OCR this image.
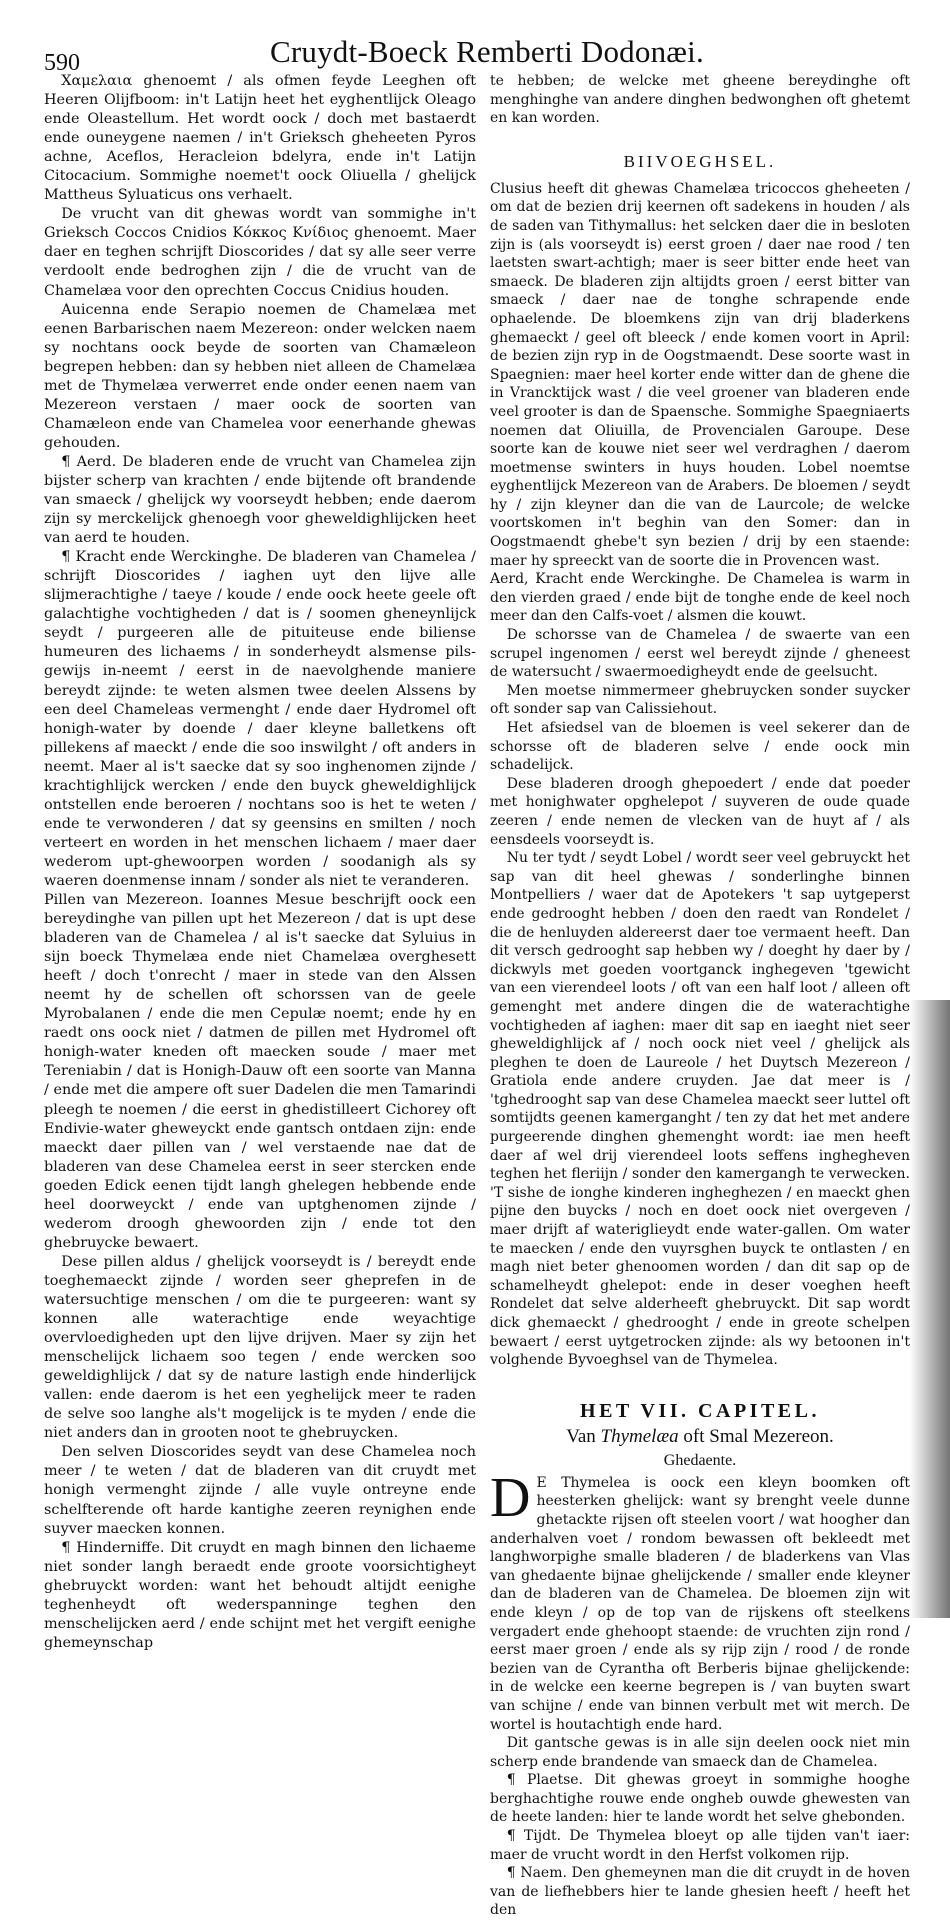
590	Cruydt-Boeck Remberti Dodonæi.

Χαμελαια ghenoemt / als ofmen feyde Leeghen oft Heeren Olijfboom: in't Latijn heet het eyghentlijck Oleago ende Oleastellum. Het wordt oock / doch met bastaerdt ende ouneygene naemen / in't Grieksch gheheeten Pyros achne, Aceflos, Heracleion bdelyra, ende in't Latijn Citocacium. Sommighe noemet't oock Oliuella / ghelijck Mattheus Syluaticus ons verhaelt.

De vrucht van dit ghewas wordt van sommighe in't Grieksch Coccos Cnidios Κόκκος Κνίδιος ghenoemt. Maer daer en teghen schrijft Dioscorides / dat sy alle seer verre verdoolt ende bedroghen zijn / die de vrucht van de Chamelæa voor den oprechten Coccus Cnidius houden.

Auicenna ende Serapio noemen de Chamelæa met eenen Barbarischen naem Mezereon: onder welcken naem sy nochtans oock beyde de soorten van Chamæleon begrepen hebben: dan sy hebben niet alleen de Chamelæa met de Thymelæa verwerret ende onder eenen naem van Mezereon verstaen / maer oock de soorten van Chamæleon ende van Chamelea voor eenerhande ghewas gehouden.

¶ Aerd. De bladeren ende de vrucht van Chamelea zijn bijster scherp van krachten / ende bijtende oft brandende van smaeck / ghelijck wy voorseydt hebben; ende daerom zijn sy merckelijck ghenoegh voor gheweldighlijcken heet van aerd te houden.

¶ Kracht ende Werckinghe. De bladeren van Chamelea / schrijft Dioscorides / iaghen uyt den lijve alle slijmerachtighe / taeye / koude / ende oock heete geele oft galachtighe vochtigheden / dat is / soomen gheneynlijck seydt / purgeeren alle de pituiteuse ende biliense humeuren des lichaems / in sonderheydt alsmense pils-gewijs in-neemt / eerst in de naevolghende maniere bereydt zijnde: te weten alsmen twee deelen Alssens by een deel Chameleas vermenght / ende daer Hydromel oft honigh-water by doende / daer kleyne balletkens oft pillekens af maeckt / ende die soo inswilght / oft anders in neemt. Maer al is't saecke dat sy soo inghenomen zijnde / krachtighlijck wercken / ende den buyck gheweldighlijck ontstellen ende beroeren / nochtans soo is het te weten / ende te verwonderen / dat sy geensins en smilten / noch verteert en worden in het menschen lichaem / maer daer wederom upt-ghewoorpen worden / soodanigh als sy waeren doenmense innam / sonder als niet te veranderen.

Pillen van Mezereon. Ioannes Mesue beschrijft oock een bereydinghe van pillen upt het Mezereon / dat is upt dese bladeren van de Chamelea / al is't saecke dat Syluius in sijn boeck Thymelæa ende niet Chamelæa overghesett heeft / doch t'onrecht / maer in stede van den Alssen neemt hy de schellen oft schorssen van de geele Myrobalanen / ende die men Cepulæ noemt; ende hy en raedt ons oock niet / datmen de pillen met Hydromel oft honigh-water kneden oft maecken soude / maer met Tereniabin / dat is Honigh-Dauw oft een soorte van Manna / ende met die ampere oft suer Dadelen die men Tamarindi pleegh te noemen / die eerst in ghedistilleert Cichorey oft Endivie-water gheweyckt ende gantsch ontdaen zijn: ende maeckt daer pillen van / wel verstaende nae dat de bladeren van dese Chamelea eerst in seer stercken ende goeden Edick eenen tijdt langh ghelegen hebbende ende heel doorweyckt / ende van uptghenomen zijnde / wederom droogh ghewoorden zijn / ende tot den ghebruycke bewaert.

Dese pillen aldus / ghelijck voorseydt is / bereydt ende toeghemaeckt zijnde / worden seer gheprefen in de watersuchtige menschen / om die te purgeeren: want sy konnen alle waterachtige ende weyachtige overvloedigheden upt den lijve drijven. Maer sy zijn het menschelijck lichaem soo tegen / ende wercken soo geweldighlijck / dat sy de nature lastigh ende hinderlijck vallen: ende daerom is het een yeghelijck meer te raden de selve soo langhe als't mogelijck is te myden / ende die niet anders dan in grooten noot te ghebruycken.

Den selven Dioscorides seydt van dese Chamelea noch meer / te weten / dat de bladeren van dit cruydt met honigh vermenght zijnde / alle vuyle ontreyne ende schelfterende oft harde kantighe zeeren reynighen ende suyver maecken konnen.

¶ Hinderniffe. Dit cruydt en magh binnen den lichaeme niet sonder langh beraedt ende groote voorsichtigheyt ghebruyckt worden: want het behoudt altijdt eenighe teghenheydt oft wederspanninge teghen den menschelijcken aerd / ende schijnt met het vergift eenighe ghemeynschap

te hebben; de welcke met gheene bereydinghe oft menghinghe van andere dinghen bedwonghen oft ghetemt en kan worden.

BIIVOEGHSEL.

Clusius heeft dit ghewas Chamelæa tricoccos gheheeten / om dat de bezien drij keernen oft sadekens in houden / als de saden van Tithymallus: het selcken daer die in besloten zijn is (als voorseydt is) eerst groen / daer nae rood / ten laetsten swart-achtigh; maer is seer bitter ende heet van smaeck. De bladeren zijn altijdts groen / eerst bitter van smaeck / daer nae de tonghe schrapende ende ophaelende. De bloemkens zijn van drij bladerkens ghemaeckt / geel oft bleeck / ende komen voort in April: de bezien zijn ryp in de Oogstmaendt. Dese soorte wast in Spaegnien: maer heel korter ende witter dan de ghene die in Vrancktijck wast / die veel groener van bladeren ende veel grooter is dan de Spaensche. Sommighe Spaegniaerts noemen dat Oliuilla, de Provencialen Garoupe. Dese soorte kan de kouwe niet seer wel verdraghen / daerom moetmense swinters in huys houden. Lobel noemtse eyghentlijck Mezereon van de Arabers. De bloemen / seydt hy / zijn kleyner dan die van de Laurcole; de welcke voortskomen in't beghin van den Somer: dan in Oogstmaendt ghebe't syn bezien / drij by een staende: maer hy spreeckt van de soorte die in Provencen wast.

Aerd, Kracht ende Werckinghe. De Chamelea is warm in den vierden graed / ende bijt de tonghe ende de keel noch meer dan den Calfs-voet / alsmen die kouwt.

De schorsse van de Chamelea / de swaerte van een scrupel ingenomen / eerst wel bereydt zijnde / gheneest de watersucht / swaermoedigheydt ende de geelsucht.

Men moetse nimmermeer ghebruycken sonder suycker oft sonder sap van Calissiehout.

Het afsiedsel van de bloemen is veel sekerer dan de schorsse oft de bladeren selve / ende oock min schadelijck.

Dese bladeren droogh ghepoedert / ende dat poeder met honighwater opghelepot / suyveren de oude quade zeeren / ende nemen de vlecken van de huyt af / als eensdeels voorseydt is.

Nu ter tydt / seydt Lobel / wordt seer veel gebruyckt het sap van dit heel ghewas / sonderlinghe binnen Montpelliers / waer dat de Apotekers 't sap uytgeperst ende gedrooght hebben / doen den raedt van Rondelet / die de henluyden aldereerst daer toe vermaent heeft. Dan dit versch gedrooght sap hebben wy / doeght hy daer by / dickwyls met goeden voortganck inghegeven 'tgewicht van een vierendeel loots / oft van een half loot / alleen oft gemenght met andere dingen die de waterachtighe vochtigheden af iaghen: maer dit sap en iaeght niet seer gheweldighlijck af / noch oock niet veel / ghelijck als pleghen te doen de Laureole / het Duytsch Mezereon / Gratiola ende andere cruyden. Jae dat meer is / 'tghedrooght sap van dese Chamelea maeckt seer luttel oft somtijdts geenen kamerganght / ten zy dat het met andere purgeerende dinghen ghemenght wordt: iae men heeft daer af wel drij vierendeel loots seffens inghegheven teghen het fleriijn / sonder den kamergangh te verwecken. 'T sishe de ionghe kinderen ingheghezen / en maeckt ghen pijne den buycks / noch en doet oock niet overgeven / maer drijft af wateriglieydt ende water-gallen. Om water te maecken / ende den vuyrsghen buyck te ontlasten / en magh niet beter ghenoomen worden / dan dit sap op de schamelheydt ghelepot: ende in deser voeghen heeft Rondelet dat selve alderheeft ghebruyckt. Dit sap wordt dick ghemaeckt / ghedrooght / ende in greote schelpen bewaert / eerst uytgetrocken zijnde: als wy betoonen in't volghende Byvoeghsel van de Thymelea.

HET VII. CAPITEL.
Van Thymelæa oft Smal Mezereon.
Ghedaente.

D E Thymelea is oock een kleyn boomken oft heesterken ghelijck: want sy brenght veele dunne ghetackte rijsen oft steelen voort / wat hoogher dan anderhalven voet / rondom bewassen oft bekleedt met langhworpighe smalle bladeren / de bladerkens van Vlas van ghedaente bijnae ghelijckende / smaller ende kleyner dan de bladeren van de Chamelea. De bloemen zijn wit ende kleyn / op de top van de rijskens oft steelkens vergadert ende ghehoopt staende: de vruchten zijn rond / eerst maer groen / ende als sy rijp zijn / rood / de ronde bezien van de Cyrantha oft Berberis bijnae ghelijckende: in de welcke een keerne begrepen is / van buyten swart van schijne / ende van binnen verbult met wit merch. De wortel is houtachtigh ende hard.

Dit gantsche gewas is in alle sijn deelen oock niet min scherp ende brandende van smaeck dan de Chamelea.

¶ Plaetse. Dit ghewas groeyt in sommighe hooghe berghachtighe rouwe ende ongheb ouwde ghewesten van de heete landen: hier te lande wordt het selve ghebonden.

¶ Tijdt. De Thymelea bloeyt op alle tijden van't iaer: maer de vrucht wordt in den Herfst volkomen rijp.

¶ Naem. Den ghemeynen man die dit cruydt in de hoven van de liefhebbers hier te lande ghesien heeft / heeft het den
